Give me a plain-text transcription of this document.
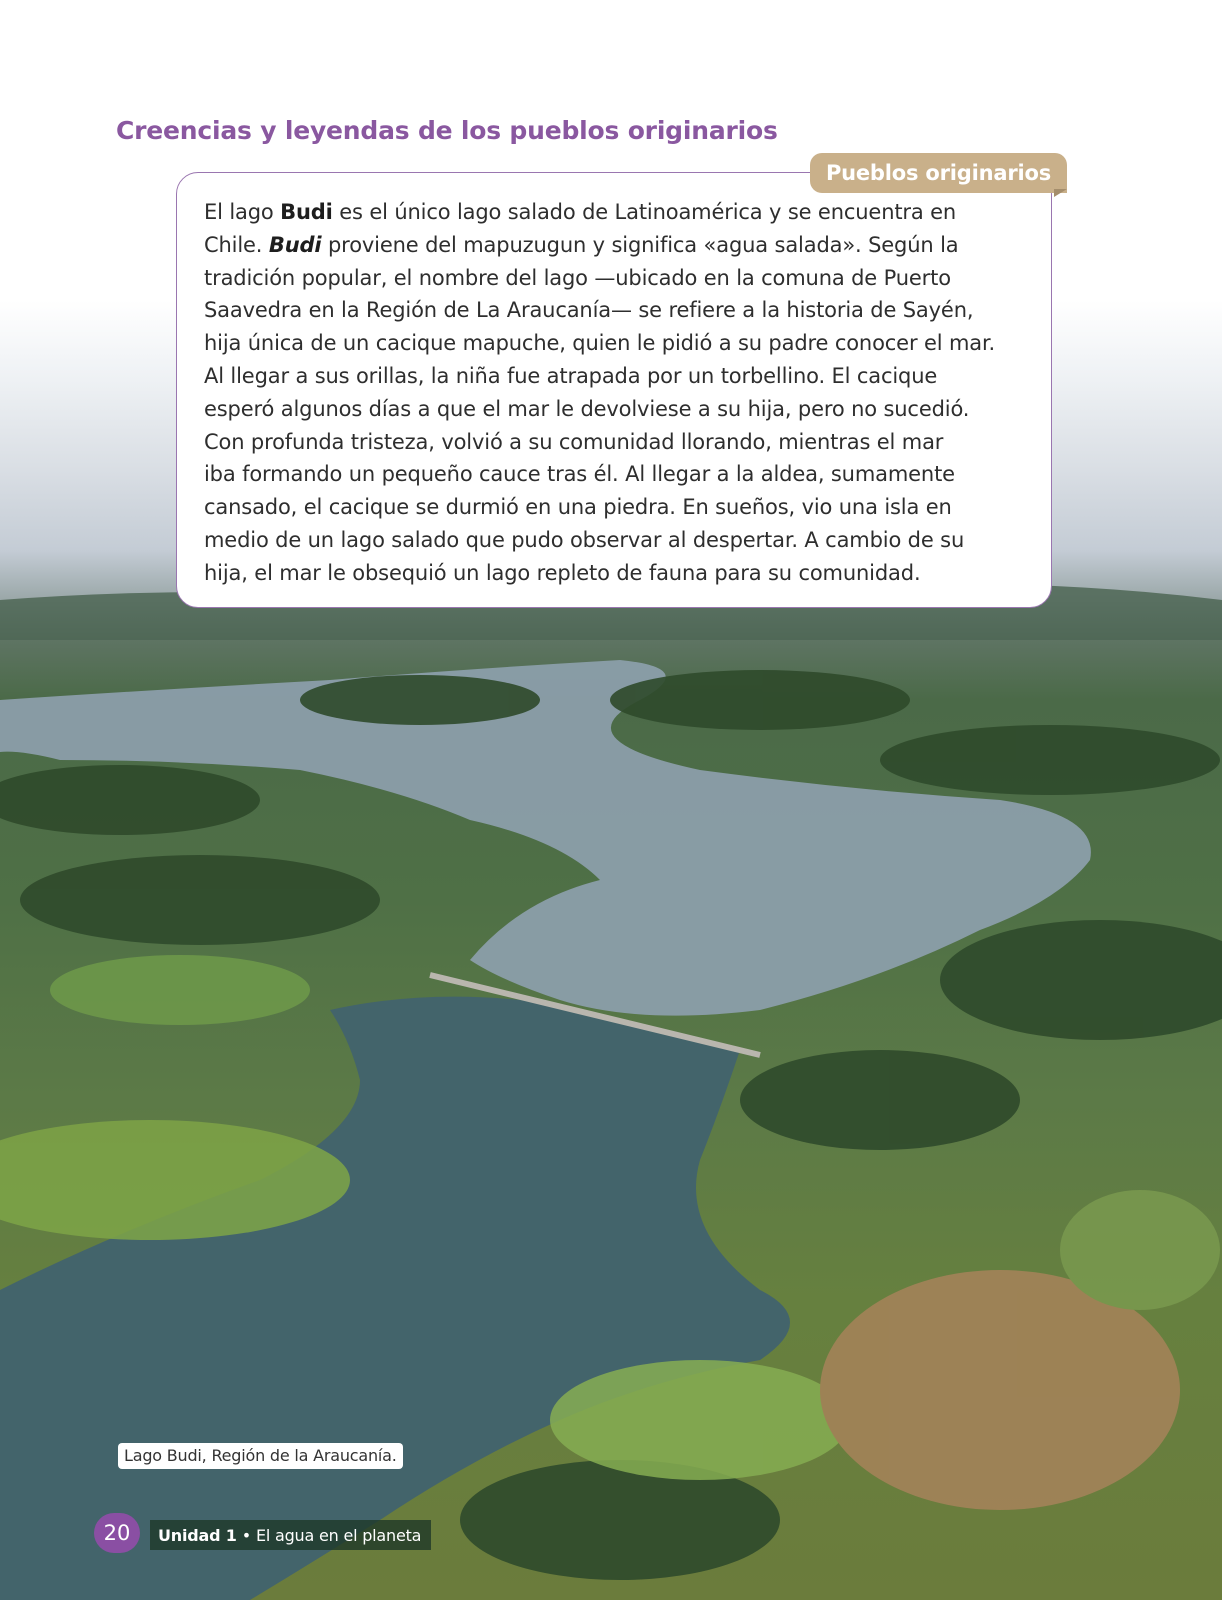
Creencias y leyendas de los pueblos originarios
Pueblos originarios
El lago Budi es el único lago salado de Latinoamérica y se encuentra en
Chile. Budi proviene del mapuzugun y significa «agua salada». Según la
tradición popular, el nombre del lago —ubicado en la comuna de Puerto
Saavedra en la Región de La Araucanía— se refiere a la historia de Sayén,
hija única de un cacique mapuche, quien le pidió a su padre conocer el mar.
Al llegar a sus orillas, la niña fue atrapada por un torbellino. El cacique
esperó algunos días a que el mar le devolviese a su hija, pero no sucedió.
Con profunda tristeza, volvió a su comunidad llorando, mientras el mar
iba formando un pequeño cauce tras él. Al llegar a la aldea, sumamente
cansado, el cacique se durmió en una piedra. En sueños, vio una isla en
medio de un lago salado que pudo observar al despertar. A cambio de su
hija, el mar le obsequió un lago repleto de fauna para su comunidad.
Lago Budi, Región de la Araucanía.
20	Unidad 1 • El agua en el planeta
